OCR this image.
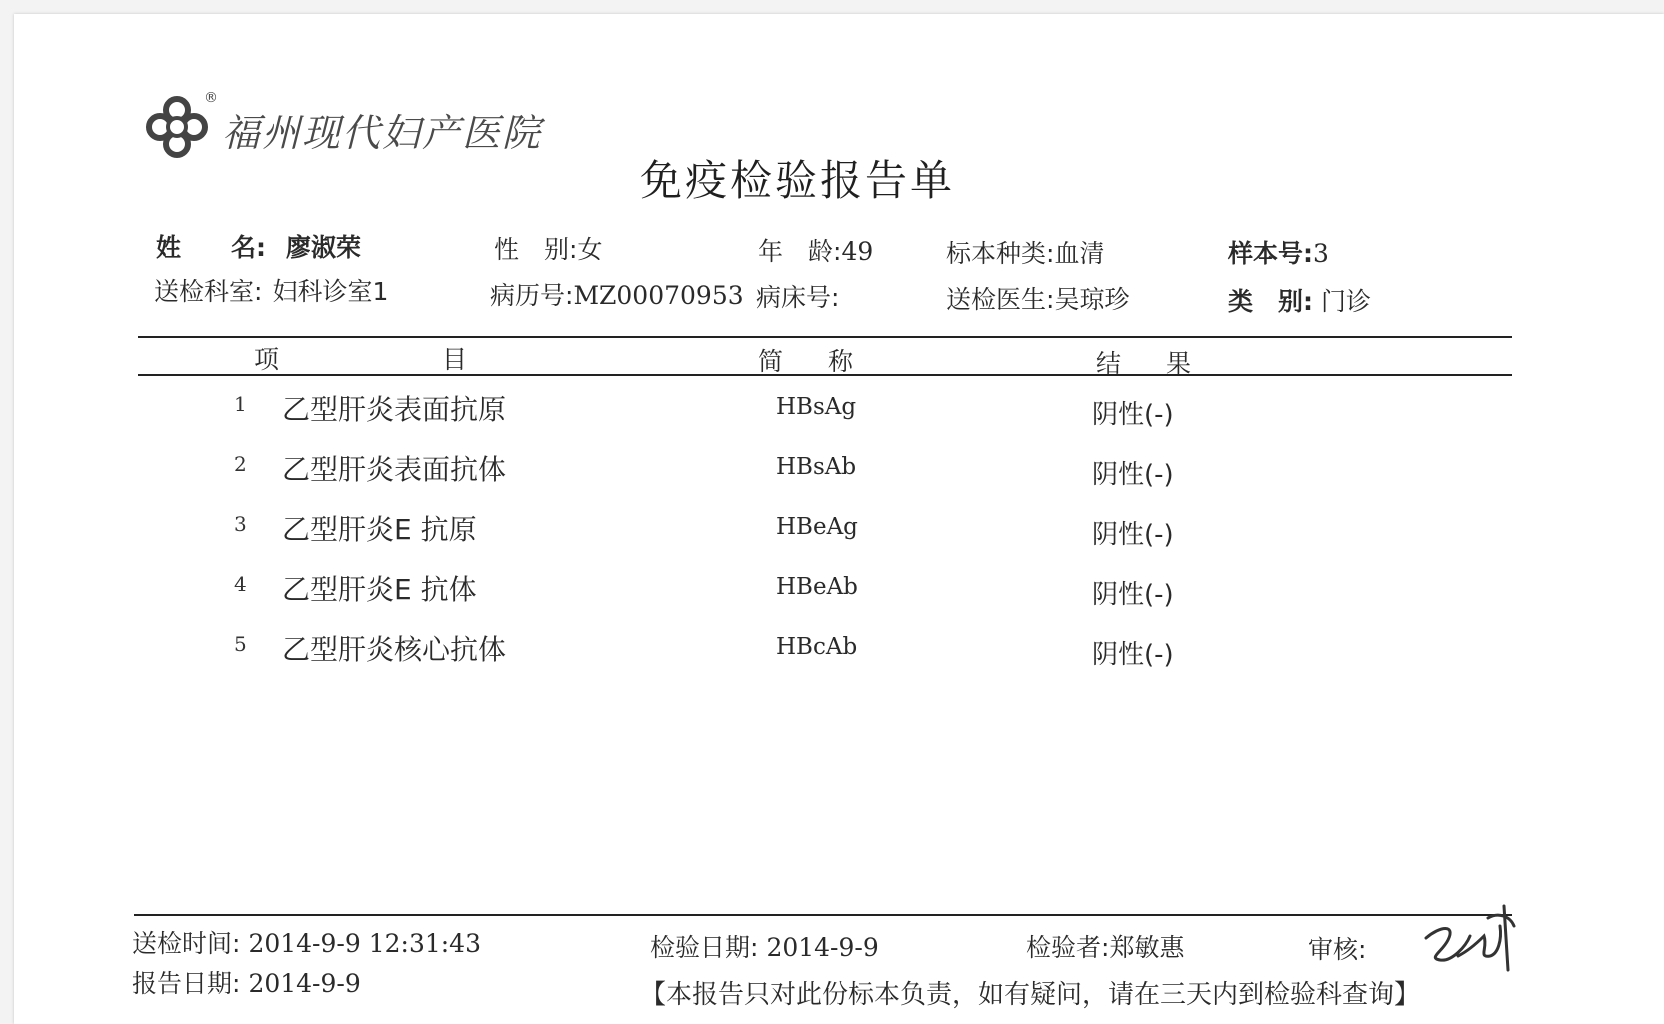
®
福州现代妇产医院
免疫检验报告单
姓　　名: 廖淑荣	性　别:女	年　龄:49	标本种类:血清	样本号:3
送检科室: 妇科诊室1	病历号:MZ00070953 病床号:	送检医生:吴琼珍	类　别: 门诊
项	目	简 称	结 果
1 乙型肝炎表面抗原	HBsAg	阴性(-)
2 乙型肝炎表面抗体	HBsAb	阴性(-)
3 乙型肝炎E 抗原	HBeAg	阴性(-)
4 乙型肝炎E 抗体	HBeAb	阴性(-)
5 乙型肝炎核心抗体	HBcAb	阴性(-)
送检时间: 2014-9-9 12:31:43	检验日期: 2014-9-9	检验者:郑敏惠	审核:
报告日期: 2014-9-9	【本报告只对此份标本负责，如有疑问，请在三天内到检验科查询】
